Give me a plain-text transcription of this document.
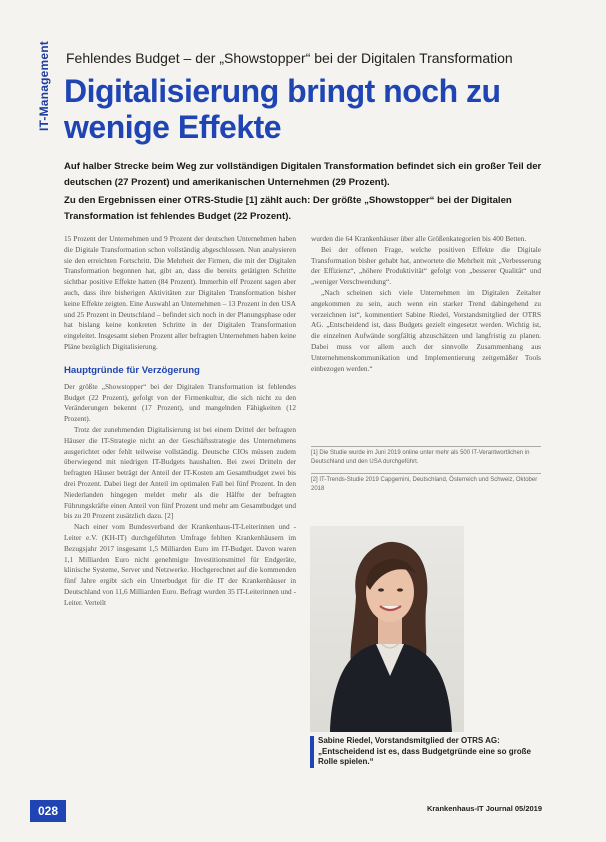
IT-Management Fehlendes Budget – der „Showstopper“ bei der Digitalen Transformation
Digitalisierung bringt noch zu wenige Effekte

Auf halber Strecke beim Weg zur vollständigen Digitalen Transformation befindet sich ein großer Teil der deutschen (27 Prozent) und amerikanischen Unternehmen (29 Prozent).

Zu den Ergebnissen einer OTRS-Studie [1] zählt auch: Der größte „Showstopper“ bei der Digitalen Transformation ist fehlendes Budget (22 Prozent).

15 Prozent der Unternehmen und 9 Prozent der deutschen Unternehmen haben die Digitale Transformation schon vollständig abgeschlossen. Nun analysieren sie den erreichten Fortschritt. Die Mehrheit der Firmen, die mit der Digitalen Transformation begonnen hat, gibt an, dass die bereits getätigten Schritte sichtbar positive Effekte hatten (84 Prozent). Immerhin elf Prozent sagen aber auch, dass ihre bisherigen Aktivitäten zur Digitalen Transformation bisher keine Effekte zeigten. Eine Auswahl an Unternehmen – 13 Prozent in den USA und 25 Prozent in Deutschland – befindet sich noch in der Planungsphase oder hat bislang keine konkreten Schritte in der Digitalen Transformation eingeleitet. Insgesamt sieben Prozent aller befragten Unternehmen haben keine Pläne bezüglich Digitalisierung.

Hauptgründe für Verzögerung

Der größte „Showstopper“ bei der Digitalen Transformation ist fehlendes Budget (22 Prozent), gefolgt von der Firmenkultur, die sich nicht zu den Veränderungen bekennt (17 Prozent), und mangelnden Fähigkeiten (12 Prozent).

Trotz der zunehmenden Digitalisierung ist bei einem Drittel der befragten Häuser die IT-Strategie nicht an der Geschäftsstrategie des Unternehmens ausgerichtet oder fehlt teilweise vollständig. Deutsche CIOs müssen zudem überwiegend mit niedrigen IT-Budgets haushalten. Bei zwei Dritteln der befragten Häuser beträgt der Anteil der IT-Kosten am Gesamtbudget zwei bis drei Prozent. Dabei liegt der Anteil im optimalen Fall bei fünf Prozent. In den Niederlanden hingegen meldet mehr als die Hälfte der befragten Führungskräfte einen Anteil von fünf Prozent und mehr am Gesamtbudget und bis zu 20 Prozent zusätzlich dazu. [2]

Nach einer vom Bundesverband der Krankenhaus-IT-Leiterinnen und -Leiter e.V. (KH-IT) durchgeführten Umfrage fehlten Krankenhäusern im Bezugsjahr 2017 insgesamt 1,5 Milliarden Euro im IT-Budget. Davon waren 1,1 Milliarden Euro nicht genehmigte Investitionsmittel für Endgeräte, klinische Systeme, Server und Netzwerke. Hochgerechnet auf die kommenden fünf Jahre ergibt sich ein Unterbudget für die IT der Krankenhäuser in Deutschland von 11,6 Milliarden Euro. Befragt wurden 35 IT-Leiterinnen und -Leiter. Verteilt

wurden die 64 Krankenhäuser über alle Größenkategorien bis 400 Betten.

Bei der offenen Frage, welche positiven Effekte die Digitale Transformation bisher gehabt hat, antwortete die Mehrheit mit „Verbesserung der Effizienz“, „höhere Produktivität“ gefolgt von „besserer Qualität“ und „weniger Verschwendung“.

„Nach scheinen sich viele Unternehmen im Digitalen Zeitalter angekommen zu sein, auch wenn ein starker Trend dahingehend zu verzeichnen ist“, kommentiert Sabine Riedel, Vorstandsmitglied der OTRS AG. „Entscheidend ist, dass Budgets gezielt eingesetzt werden. Wichtig ist, die einzelnen Aufwände sorgfältig abzuschätzen und langfristig zu planen. Dabei muss vor allem auch der sinnvolle Zusammenhang aus Unternehmenskommunikation und Implementierung zeitgemäßer Tools einbezogen werden.“

[1] Die Studie wurde im Juni 2019 online unter mehr als 500 IT-Verantwortlichen in Deutschland und den USA durchgeführt.
[2] IT-Trends-Studie 2019 Capgemini, Deutschland, Österreich und Schweiz, Oktober 2018

Sabine Riedel, Vorstandsmitglied der OTRS AG:

„Entscheidend ist es, dass Budgetgründe eine so große Rolle spielen.“

028	Krankenhaus-IT Journal 05/2019
